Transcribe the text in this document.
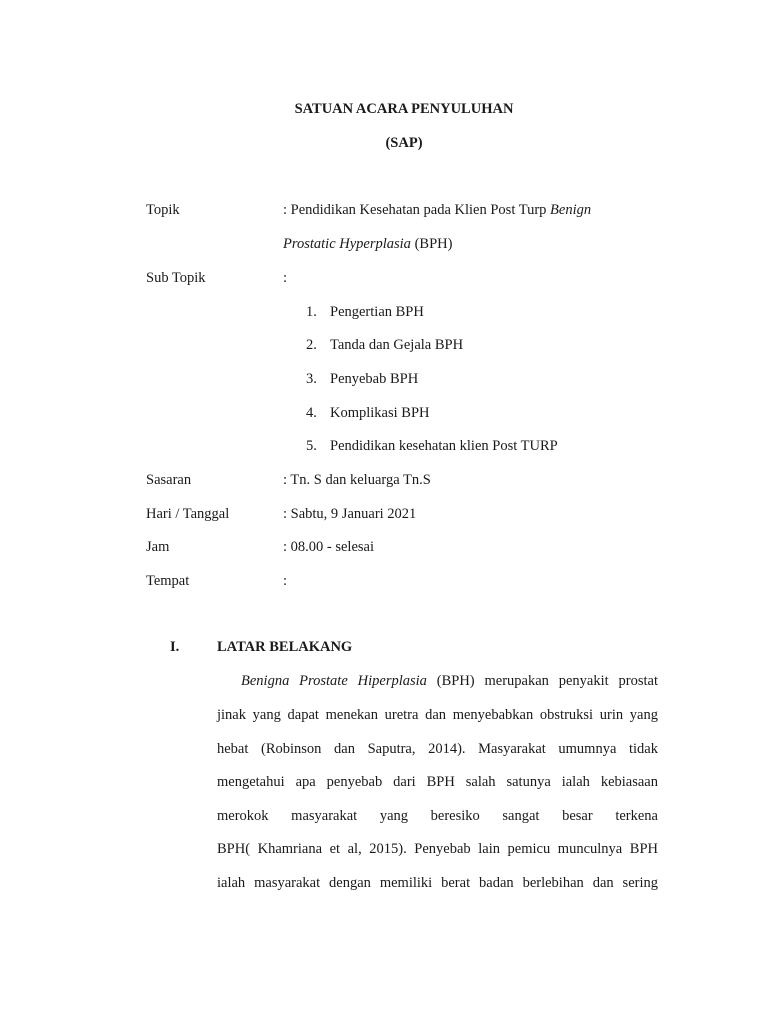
SATUAN ACARA PENYULUHAN
(SAP)
Topik	: Pendidikan Kesehatan pada Klien Post Turp Benign
Prostatic Hyperplasia (BPH)
Sub Topik	:
1. Pengertian BPH
2. Tanda dan Gejala BPH
3. Penyebab BPH
4. Komplikasi BPH
5. Pendidikan kesehatan klien Post TURP
Sasaran	: Tn. S dan keluarga Tn.S
Hari / Tanggal	: Sabtu, 9 Januari 2021
Jam	: 08.00 - selesai
Tempat	:
I.	LATAR BELAKANG
Benigna Prostate Hiperplasia (BPH) merupakan penyakit prostat
jinak yang dapat menekan uretra dan menyebabkan obstruksi urin yang
hebat (Robinson dan Saputra, 2014). Masyarakat umumnya tidak
mengetahui apa penyebab dari BPH salah satunya ialah kebiasaan
merokok masyarakat yang beresiko sangat besar terkena
BPH( Khamriana et al, 2015). Penyebab lain pemicu munculnya BPH
ialah masyarakat dengan memiliki berat badan berlebihan dan sering
